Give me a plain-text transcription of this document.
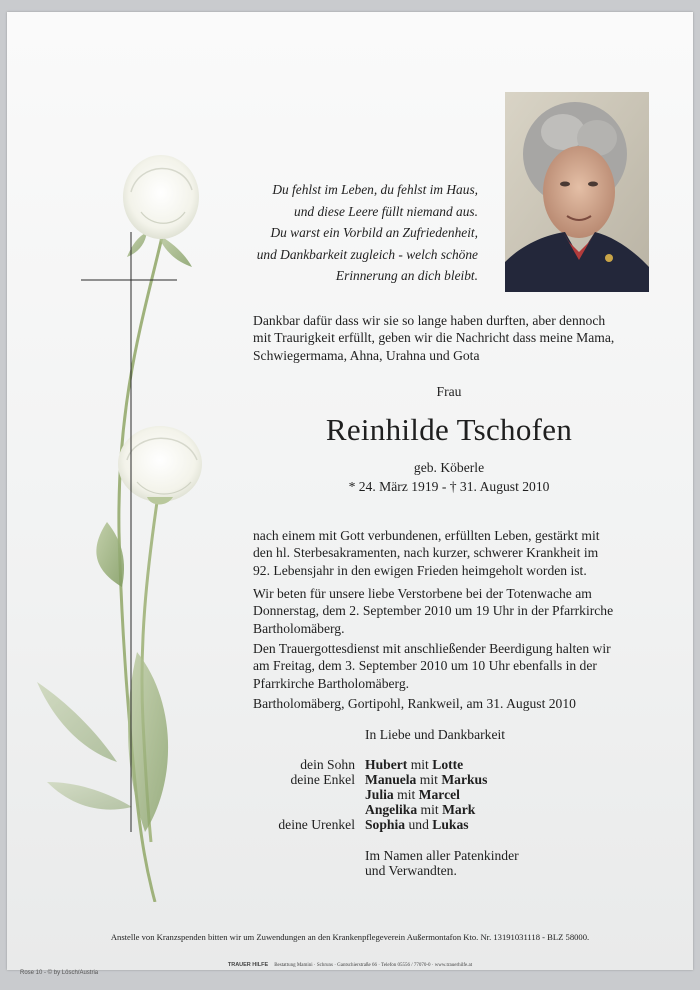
Du fehlst im Leben, du fehlst im Haus,
und diese Leere füllt niemand aus.
Du warst ein Vorbild an Zufriedenheit,
und Dankbarkeit zugleich - welch schöne
Erinnerung an dich bleibt.
Dankbar dafür dass wir sie so lange haben durften, aber dennoch
mit Traurigkeit erfüllt, geben wir die Nachricht dass meine Mama,
Schwiegermama, Ahna, Urahna und Gota
Frau
Reinhilde Tschofen
geb. Köberle
* 24. März 1919 - † 31. August 2010
nach einem mit Gott verbundenen, erfüllten Leben, gestärkt mit
den hl. Sterbesakramenten, nach kurzer, schwerer Krankheit im
92. Lebensjahr in den ewigen Frieden heimgeholt worden ist.
Wir beten für unsere liebe Verstorbene bei der Totenwache am
Donnerstag, dem 2. September 2010 um 19 Uhr in der Pfarrkirche
Bartholomäberg.
Den Trauergottesdienst mit anschließender Beerdigung halten wir
am Freitag, dem 3. September 2010 um 10 Uhr ebenfalls in der
Pfarrkirche Bartholomäberg.
Bartholomäberg, Gortipohl, Rankweil, am 31. August 2010
In Liebe und Dankbarkeit
dein Sohn Hubert mit Lotte
deine Enkel Manuela mit Markus
Julia mit Marcel
Angelika mit Mark
deine Urenkel Sophia und Lukas
Im Namen aller Patenkinder
und Verwandten.
Anstelle von Kranzspenden bitten wir um Zuwendungen an den Krankenpflegeverein Außermontafon Kto. Nr. 13191031118 - BLZ 58000.
TRAUER HILFE Bestattung Mamini · Schruns · Gantschierstraße 66 · Telefon 05556 / 77070-0 · www.trauerhilfe.at
Rose 10 - © by Lösch/Austria
